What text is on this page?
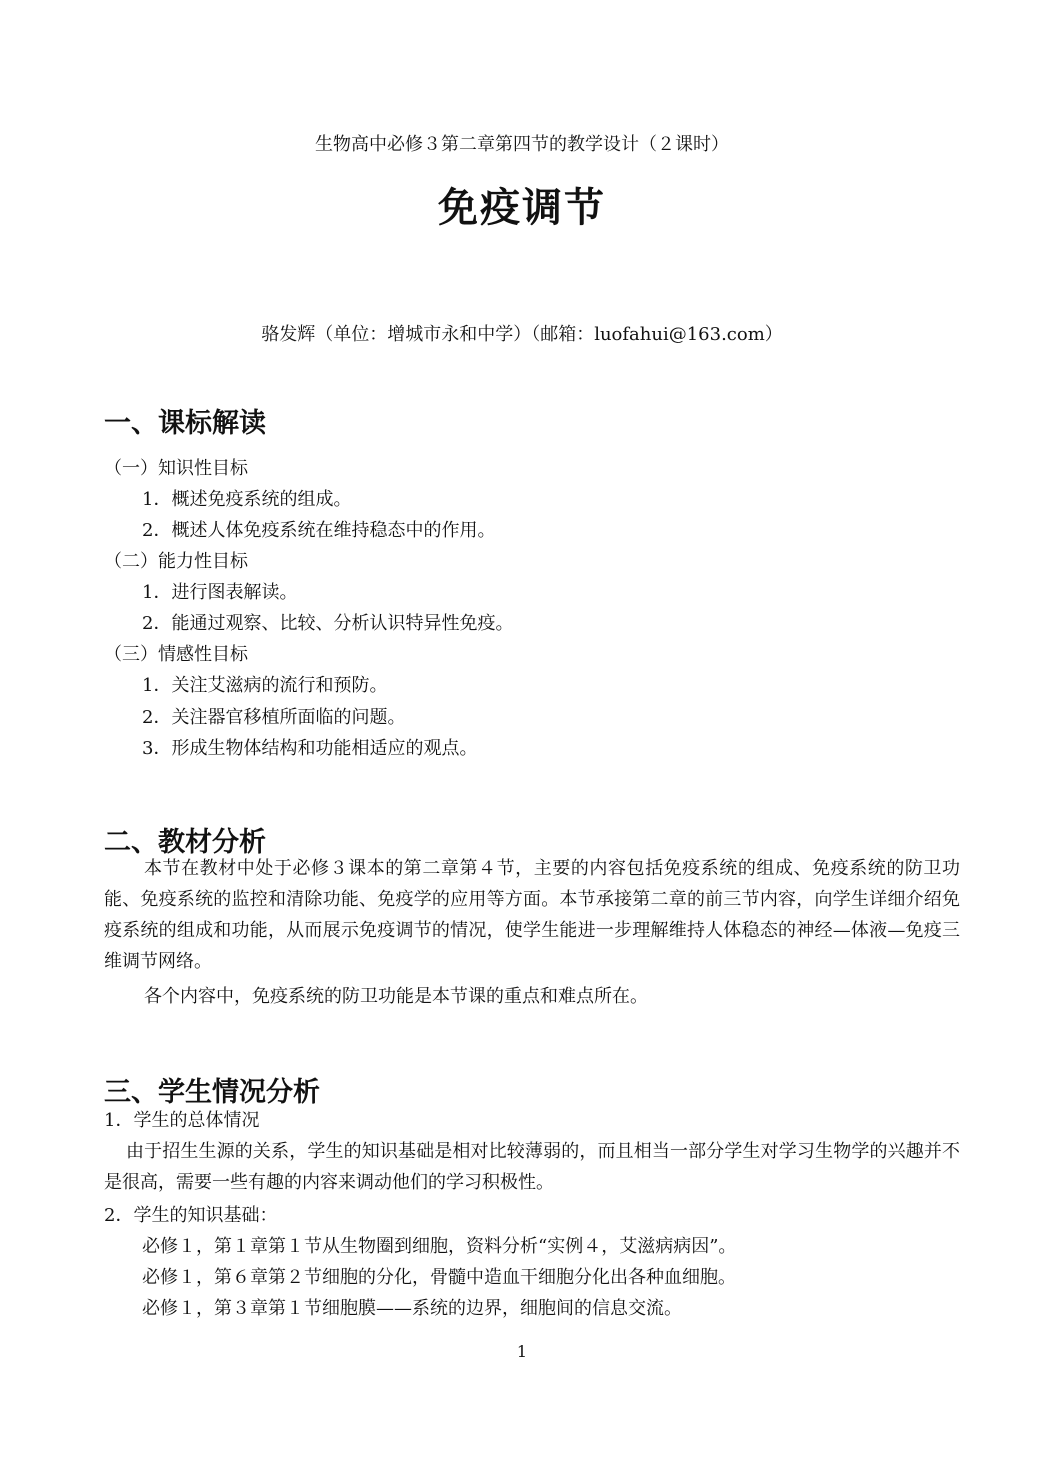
生物高中必修３第二章第四节的教学设计（２课时）
免疫调节
骆发辉（单位：增城市永和中学）（邮箱：luofahui@163.com）
一、课标解读
（一）知识性目标
1．概述免疫系统的组成。
2．概述人体免疫系统在维持稳态中的作用。
（二）能力性目标
1．进行图表解读。
2．能通过观察、比较、分析认识特异性免疫。
（三）情感性目标
1．关注艾滋病的流行和预防。
2．关注器官移植所面临的问题。
3．形成生物体结构和功能相适应的观点。
二、教材分析
本节在教材中处于必修３课本的第二章第４节，主要的内容包括免疫系统的组成、免疫系统的防卫功能、免疫系统的监控和清除功能、免疫学的应用等方面。本节承接第二章的前三节内容，向学生详细介绍免疫系统的组成和功能，从而展示免疫调节的情况，使学生能进一步理解维持人体稳态的神经—体液—免疫三维调节网络。
各个内容中，免疫系统的防卫功能是本节课的重点和难点所在。
三、学生情况分析
1．学生的总体情况
由于招生生源的关系，学生的知识基础是相对比较薄弱的，而且相当一部分学生对学习生物学的兴趣并不是很高，需要一些有趣的内容来调动他们的学习积极性。
2．学生的知识基础：
必修１，第１章第１节从生物圈到细胞，资料分析“实例４，艾滋病病因”。
必修１，第６章第２节细胞的分化，骨髓中造血干细胞分化出各种血细胞。
必修１，第３章第１节细胞膜——系统的边界，细胞间的信息交流。
1
